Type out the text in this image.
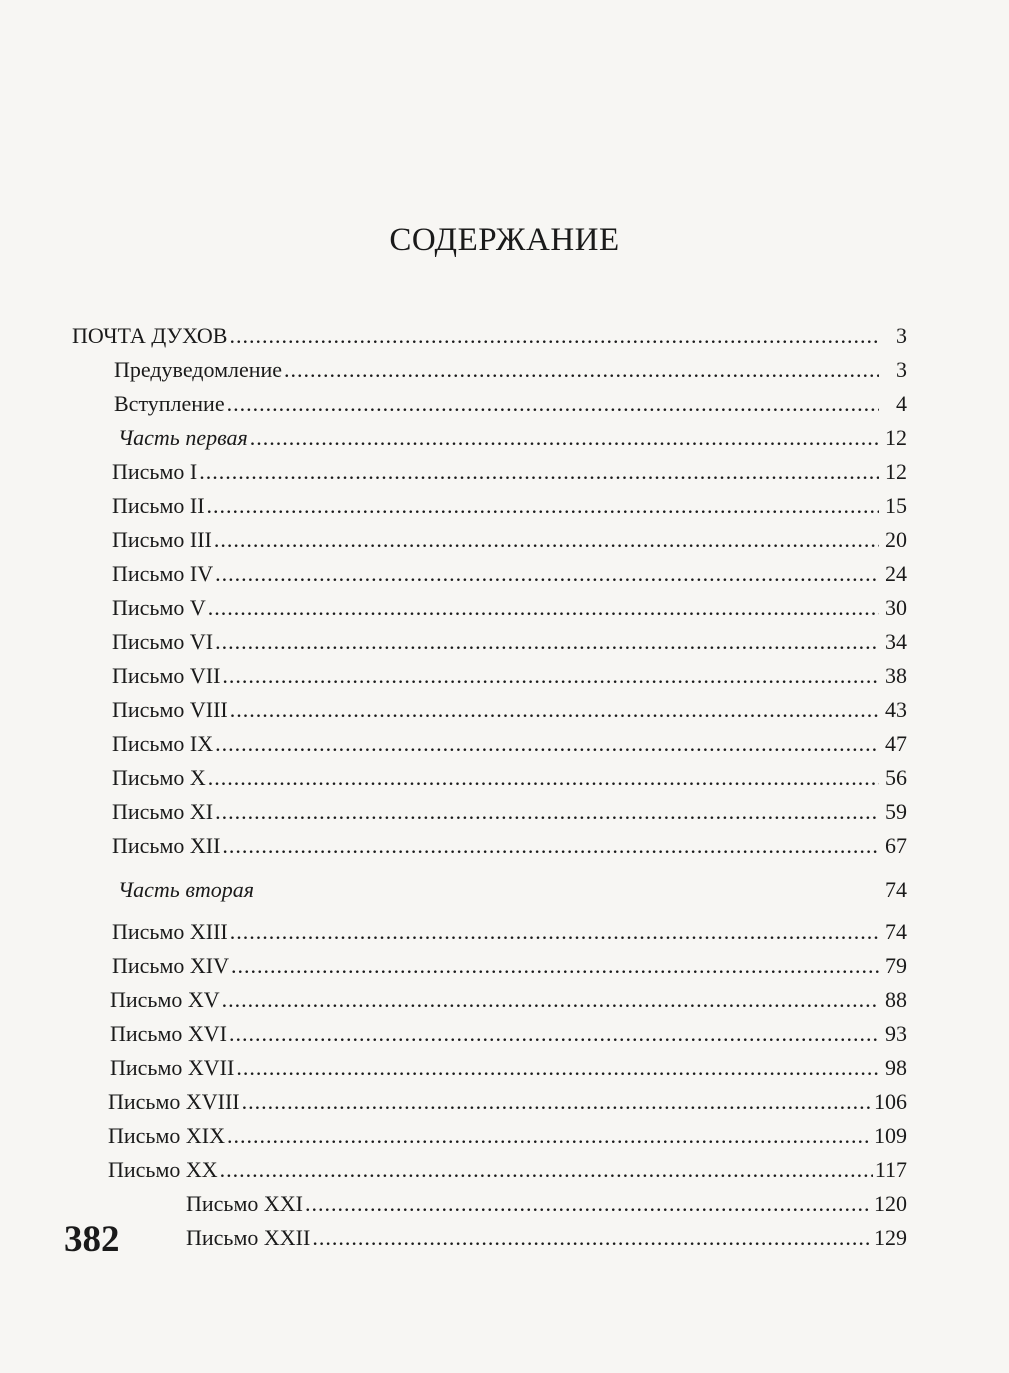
СОДЕРЖАНИЕ
ПОЧТА ДУХОВ .....	3
Предуведомление .....	3
Вступление .....	4
Часть первая .....	12
Письмо I .....	12
Письмо II .....	15
Письмо III .....	20
Письмо IV .....	24
Письмо V .....	30
Письмо VI .....	34
Письмо VII .....	38
Письмо VIII .....	43
Письмо IX .....	47
Письмо X .....	56
Письмо XI .....	59
Письмо XII .....	67
Часть вторая	74
Письмо XIII .....	74
Письмо XIV .....	79
Письмо XV .....	88
Письмо XVI .....	93
Письмо XVII .....	98
Письмо XVIII .....	106
Письмо XIX .....	109
Письмо XX .....	117
Письмо XXI .....	120
Письмо XXII .....	129
382
